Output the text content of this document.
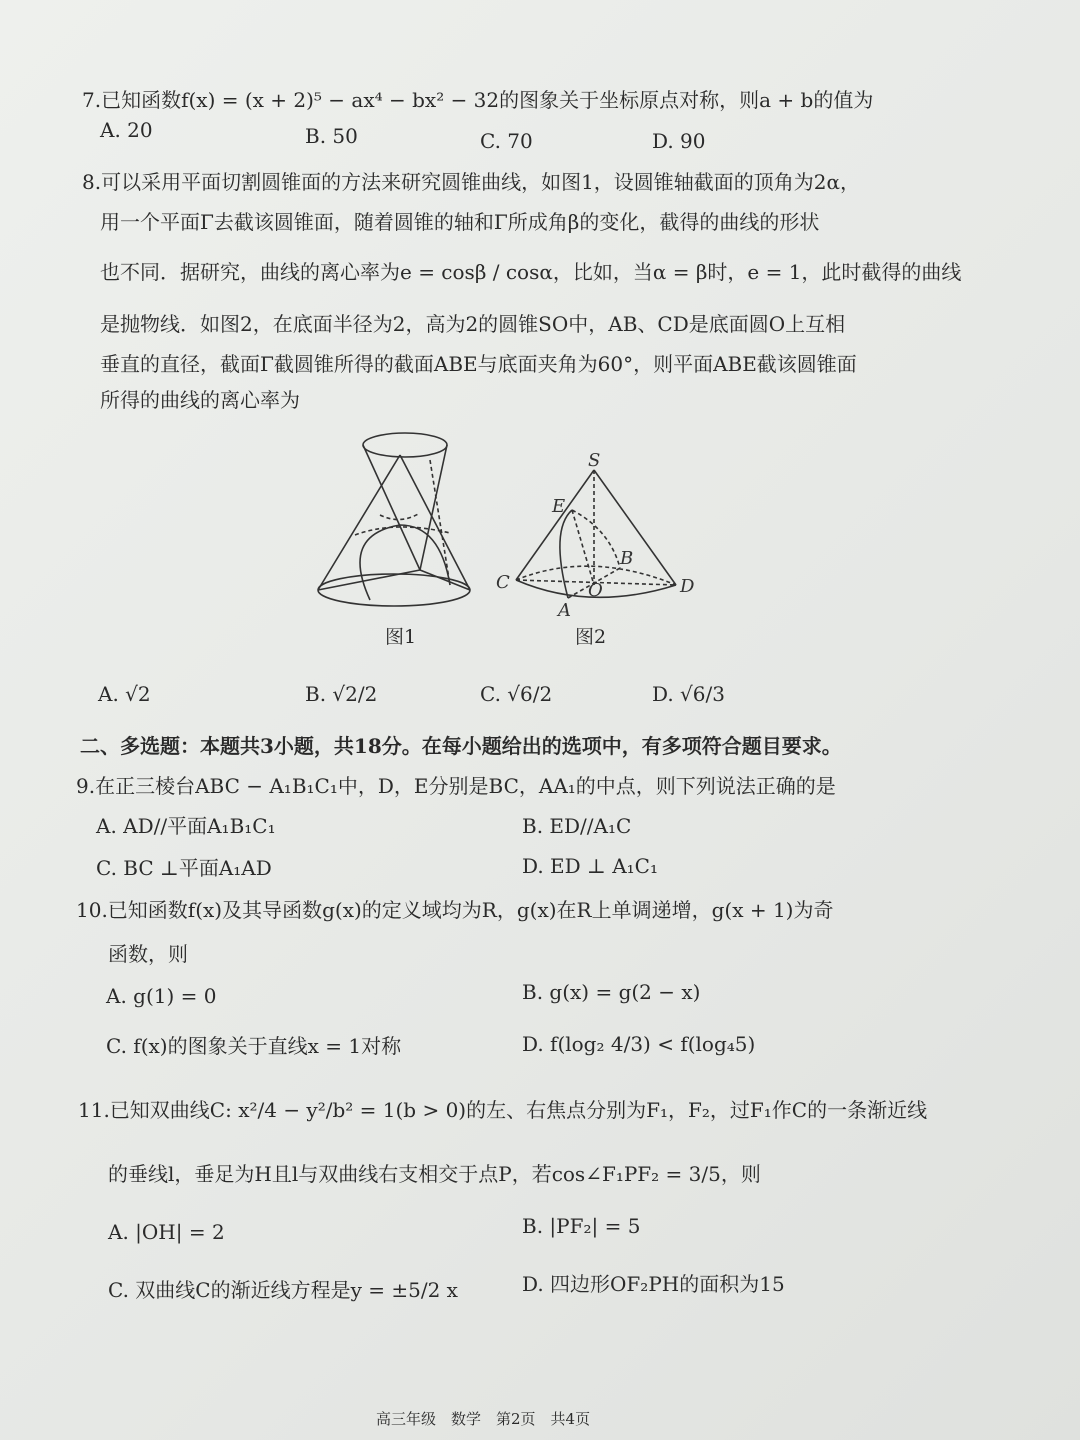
7.已知函数f(x) = (x + 2)⁵ − ax⁴ − bx² − 32的图象关于坐标原点对称，则a + b的值为
A. 20	B. 50	C. 70	D. 90
8.可以采用平面切割圆锥面的方法来研究圆锥曲线，如图1，设圆锥轴截面的顶角为2α，
用一个平面Γ去截该圆锥面，随着圆锥的轴和Γ所成角β的变化，截得的曲线的形状
也不同．据研究，曲线的离心率为e = cosβ / cosα，比如，当α = β时，e = 1，此时截得的曲线
是抛物线．如图2，在底面半径为2，高为2的圆锥SO中，AB、CD是底面圆O上互相
垂直的直径，截面Γ截圆锥所得的截面ABE与底面夹角为60°，则平面ABE截该圆锥面
所得的曲线的离心率为
图1
S
E
B
C	O	D
A
图2
A. √2	B. √2/2	C. √6/2	D. √6/3
二、多选题：本题共3小题，共18分。在每小题给出的选项中，有多项符合题目要求。
9.在正三棱台ABC − A₁B₁C₁中，D，E分别是BC，AA₁的中点，则下列说法正确的是
A. AD//平面A₁B₁C₁	B. ED//A₁C
C. BC ⊥平面A₁AD	D. ED ⊥ A₁C₁
10.已知函数f(x)及其导函数g(x)的定义域均为R，g(x)在R上单调递增，g(x + 1)为奇
函数，则
A. g(1) = 0	B. g(x) = g(2 − x)
C. f(x)的图象关于直线x = 1对称	D. f(log₂ 4/3) < f(log₄5)
11.已知双曲线C: x²/4 − y²/b² = 1(b > 0)的左、右焦点分别为F₁，F₂，过F₁作C的一条渐近线
的垂线l，垂足为H且l与双曲线右支相交于点P，若cos∠F₁PF₂ = 3/5，则
A. |OH| = 2	B. |PF₂| = 5
C. 双曲线C的渐近线方程是y = ±5/2 x	D. 四边形OF₂PH的面积为15
高三年级　数学　第2页　共4页
